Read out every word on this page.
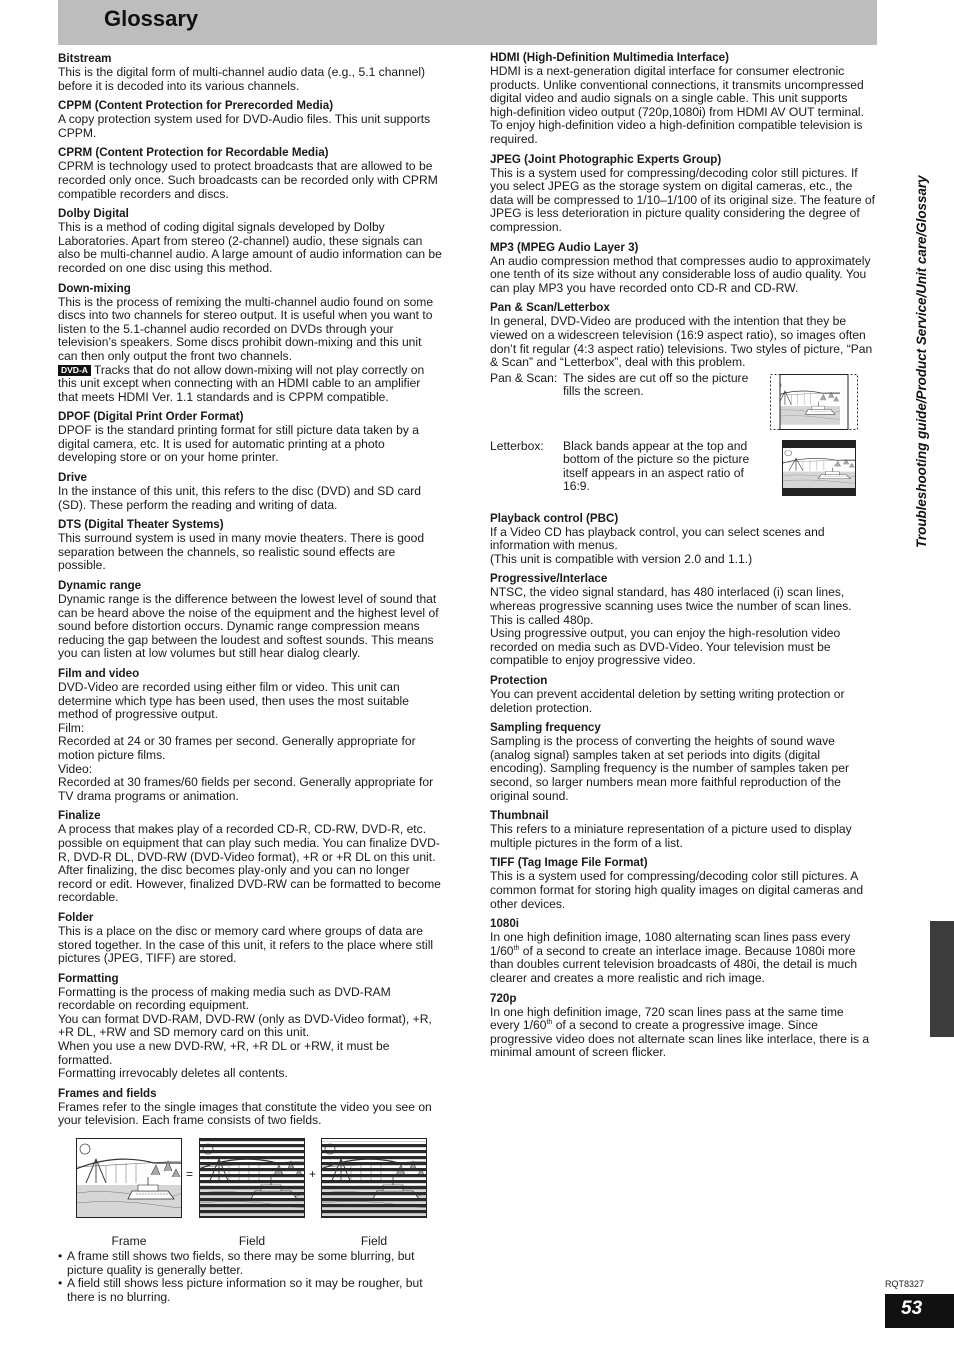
Glossary
Bitstream

This is the digital form of multi-channel audio data (e.g., 5.1 channel) before it is decoded into its various channels.

CPPM (Content Protection for Prerecorded Media)

A copy protection system used for DVD-Audio files. This unit supports CPPM.

CPRM (Content Protection for Recordable Media)

CPRM is technology used to protect broadcasts that are allowed to be recorded only once. Such broadcasts can be recorded only with CPRM compatible recorders and discs.

Dolby Digital

This is a method of coding digital signals developed by Dolby Laboratories. Apart from stereo (2-channel) audio, these signals can also be multi-channel audio. A large amount of audio information can be recorded on one disc using this method.

Down-mixing

This is the process of remixing the multi-channel audio found on some discs into two channels for stereo output. It is useful when you want to listen to the 5.1-channel audio recorded on DVDs through your television’s speakers. Some discs prohibit down-mixing and this unit can then only output the front two channels.

DVD-A Tracks that do not allow down-mixing will not play correctly on this unit except when connecting with an HDMI cable to an amplifier that meets HDMI Ver. 1.1 standards and is CPPM compatible.

DPOF (Digital Print Order Format)

DPOF is the standard printing format for still picture data taken by a digital camera, etc. It is used for automatic printing at a photo developing store or on your home printer.

Drive

In the instance of this unit, this refers to the disc (DVD) and SD card (SD). These perform the reading and writing of data.

DTS (Digital Theater Systems)

This surround system is used in many movie theaters. There is good separation between the channels, so realistic sound effects are possible.

Dynamic range

Dynamic range is the difference between the lowest level of sound that can be heard above the noise of the equipment and the highest level of sound before distortion occurs. Dynamic range compression means reducing the gap between the loudest and softest sounds. This means you can listen at low volumes but still hear dialog clearly.

Film and video

DVD-Video are recorded using either film or video. This unit can determine which type has been used, then uses the most suitable method of progressive output.

Film:

Recorded at 24 or 30 frames per second. Generally appropriate for motion picture films.

Video:

Recorded at 30 frames/60 fields per second. Generally appropriate for TV drama programs or animation.

Finalize

A process that makes play of a recorded CD-R, CD-RW, DVD-R, etc. possible on equipment that can play such media. You can finalize DVD-R, DVD-R DL, DVD-RW (DVD-Video format), +R or +R DL on this unit.

After finalizing, the disc becomes play-only and you can no longer record or edit. However, finalized DVD-RW can be formatted to become recordable.

Folder

This is a place on the disc or memory card where groups of data are stored together. In the case of this unit, it refers to the place where still pictures (JPEG, TIFF) are stored.

Formatting

Formatting is the process of making media such as DVD-RAM recordable on recording equipment.

You can format DVD-RAM, DVD-RW (only as DVD-Video format), +R, +R DL, +RW and SD memory card on this unit.

When you use a new DVD-RW, +R, +R DL or +RW, it must be formatted.

Formatting irrevocably deletes all contents.

Frames and fields

Frames refer to the single images that constitute the video you see on your television. Each frame consists of two fields.

=	+
Frame	Field	Field
• A frame still shows two fields, so there may be some blurring, but picture quality is generally better.
• A field still shows less picture information so it may be rougher, but there is no blurring.
HDMI (High-Definition Multimedia Interface)

HDMI is a next-generation digital interface for consumer electronic products. Unlike conventional connections, it transmits uncompressed digital video and audio signals on a single cable. This unit supports high-definition video output (720p,1080i) from HDMI AV OUT terminal. To enjoy high-definition video a high-definition compatible television is required.

JPEG (Joint Photographic Experts Group)

This is a system used for compressing/decoding color still pictures. If you select JPEG as the storage system on digital cameras, etc., the data will be compressed to 1/10–1/100 of its original size. The feature of JPEG is less deterioration in picture quality considering the degree of compression.

MP3 (MPEG Audio Layer 3)

An audio compression method that compresses audio to approximately one tenth of its size without any considerable loss of audio quality. You can play MP3 you have recorded onto CD-R and CD-RW.

Pan & Scan/Letterbox

In general, DVD-Video are produced with the intention that they be viewed on a widescreen television (16:9 aspect ratio), so images often don’t fit regular (4:3 aspect ratio) televisions. Two styles of picture, “Pan & Scan” and “Letterbox”, deal with this problem.

Pan & Scan: The sides are cut off so the picture fills the screen.
Letterbox:	Black bands appear at the top and bottom of the picture so the picture itself appears in an aspect ratio of 16:9.
Playback control (PBC)

If a Video CD has playback control, you can select scenes and information with menus.

(This unit is compatible with version 2.0 and 1.1.)

Progressive/Interlace

NTSC, the video signal standard, has 480 interlaced (i) scan lines, whereas progressive scanning uses twice the number of scan lines. This is called 480p.

Using progressive output, you can enjoy the high-resolution video recorded on media such as DVD-Video. Your television must be compatible to enjoy progressive video.

Protection

You can prevent accidental deletion by setting writing protection or deletion protection.

Sampling frequency

Sampling is the process of converting the heights of sound wave (analog signal) samples taken at set periods into digits (digital encoding). Sampling frequency is the number of samples taken per second, so larger numbers mean more faithful reproduction of the original sound.

Thumbnail

This refers to a miniature representation of a picture used to display multiple pictures in the form of a list.

TIFF (Tag Image File Format)

This is a system used for compressing/decoding color still pictures. A common format for storing high quality images on digital cameras and other devices.

1080i

In one high definition image, 1080 alternating scan lines pass every 1/60th of a second to create an interlace image. Because 1080i more than doubles current television broadcasts of 480i, the detail is much clearer and creates a more realistic and rich image.

720p

In one high definition image, 720 scan lines pass at the same time every 1/60th of a second to create a progressive image. Since progressive video does not alternate scan lines like interlace, there is a minimal amount of screen flicker.

Troubleshooting guide/Product Service/Unit care/Glossary
RQT8327
53
